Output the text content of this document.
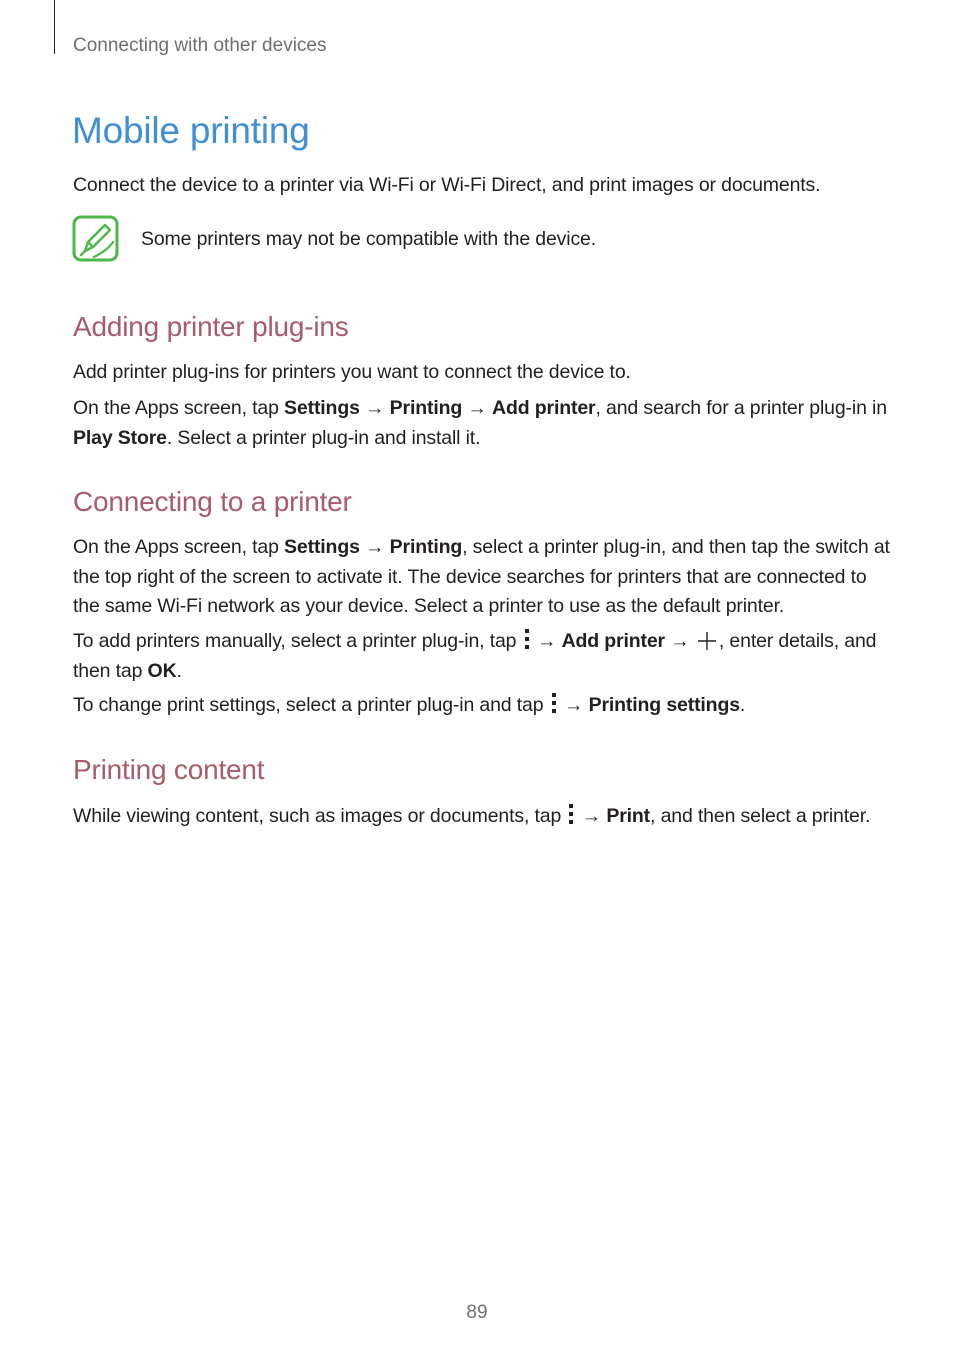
Connecting with other devices
Mobile printing

Connect the device to a printer via Wi-Fi or Wi-Fi Direct, and print images or documents.

Some printers may not be compatible with the device.

Adding printer plug-ins

Add printer plug-ins for printers you want to connect the device to.

On the Apps screen, tap Settings → Printing → Add printer, and search for a printer plug-in in Play Store. Select a printer plug-in and install it.

Connecting to a printer

On the Apps screen, tap Settings → Printing, select a printer plug-in, and then tap the switch at the top right of the screen to activate it. The device searches for printers that are connected to the same Wi-Fi network as your device. Select a printer to use as the default printer.

To add printers manually, select a printer plug-in, tap → Add printer → , enter details, and then tap OK.

To change print settings, select a printer plug-in and tap → Printing settings.

Printing content

While viewing content, such as images or documents, tap → Print, and then select a printer.

89
